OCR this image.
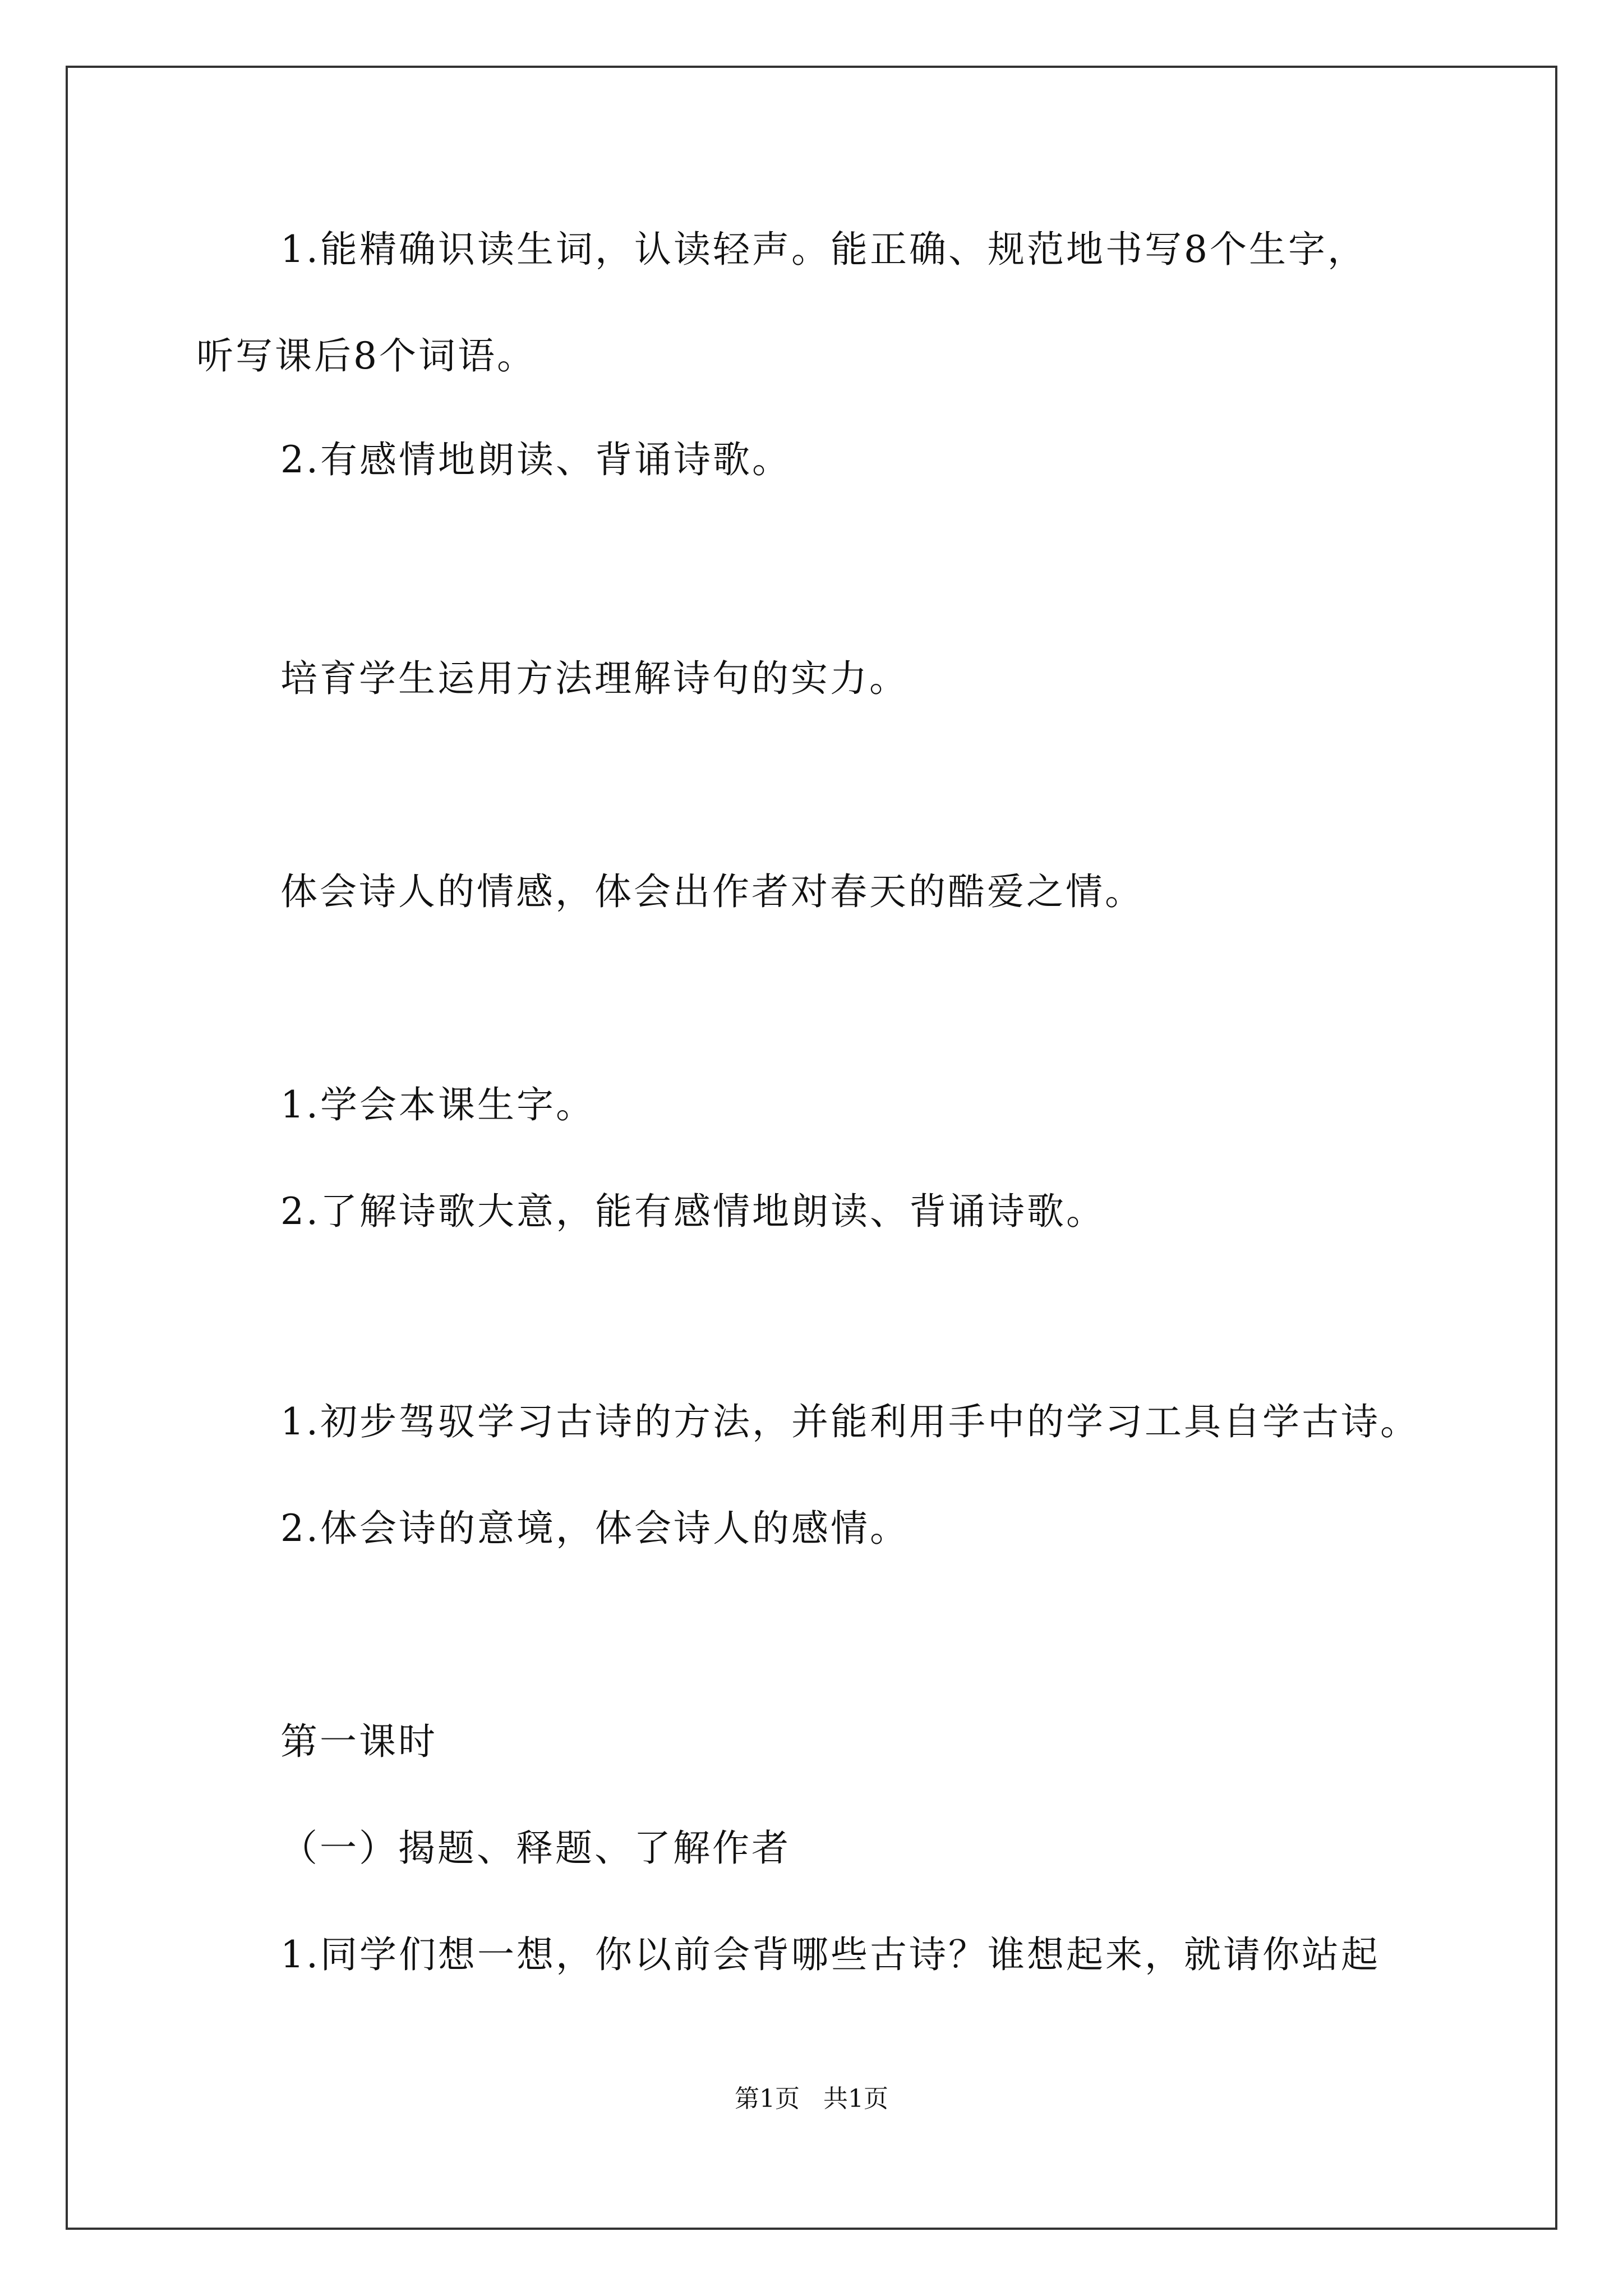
1.能精确识读生词，认读轻声。能正确、规范地书写8个生字，
听写课后8个词语。
2.有感情地朗读、背诵诗歌。
培育学生运用方法理解诗句的实力。
体会诗人的情感，体会出作者对春天的酷爱之情。
1.学会本课生字。
2.了解诗歌大意，能有感情地朗读、背诵诗歌。
1.初步驾驭学习古诗的方法，并能利用手中的学习工具自学古诗。
2.体会诗的意境，体会诗人的感情。
第一课时
（一）揭题、释题、了解作者
1.同学们想一想，你以前会背哪些古诗？谁想起来，就请你站起
第1页   共1页
